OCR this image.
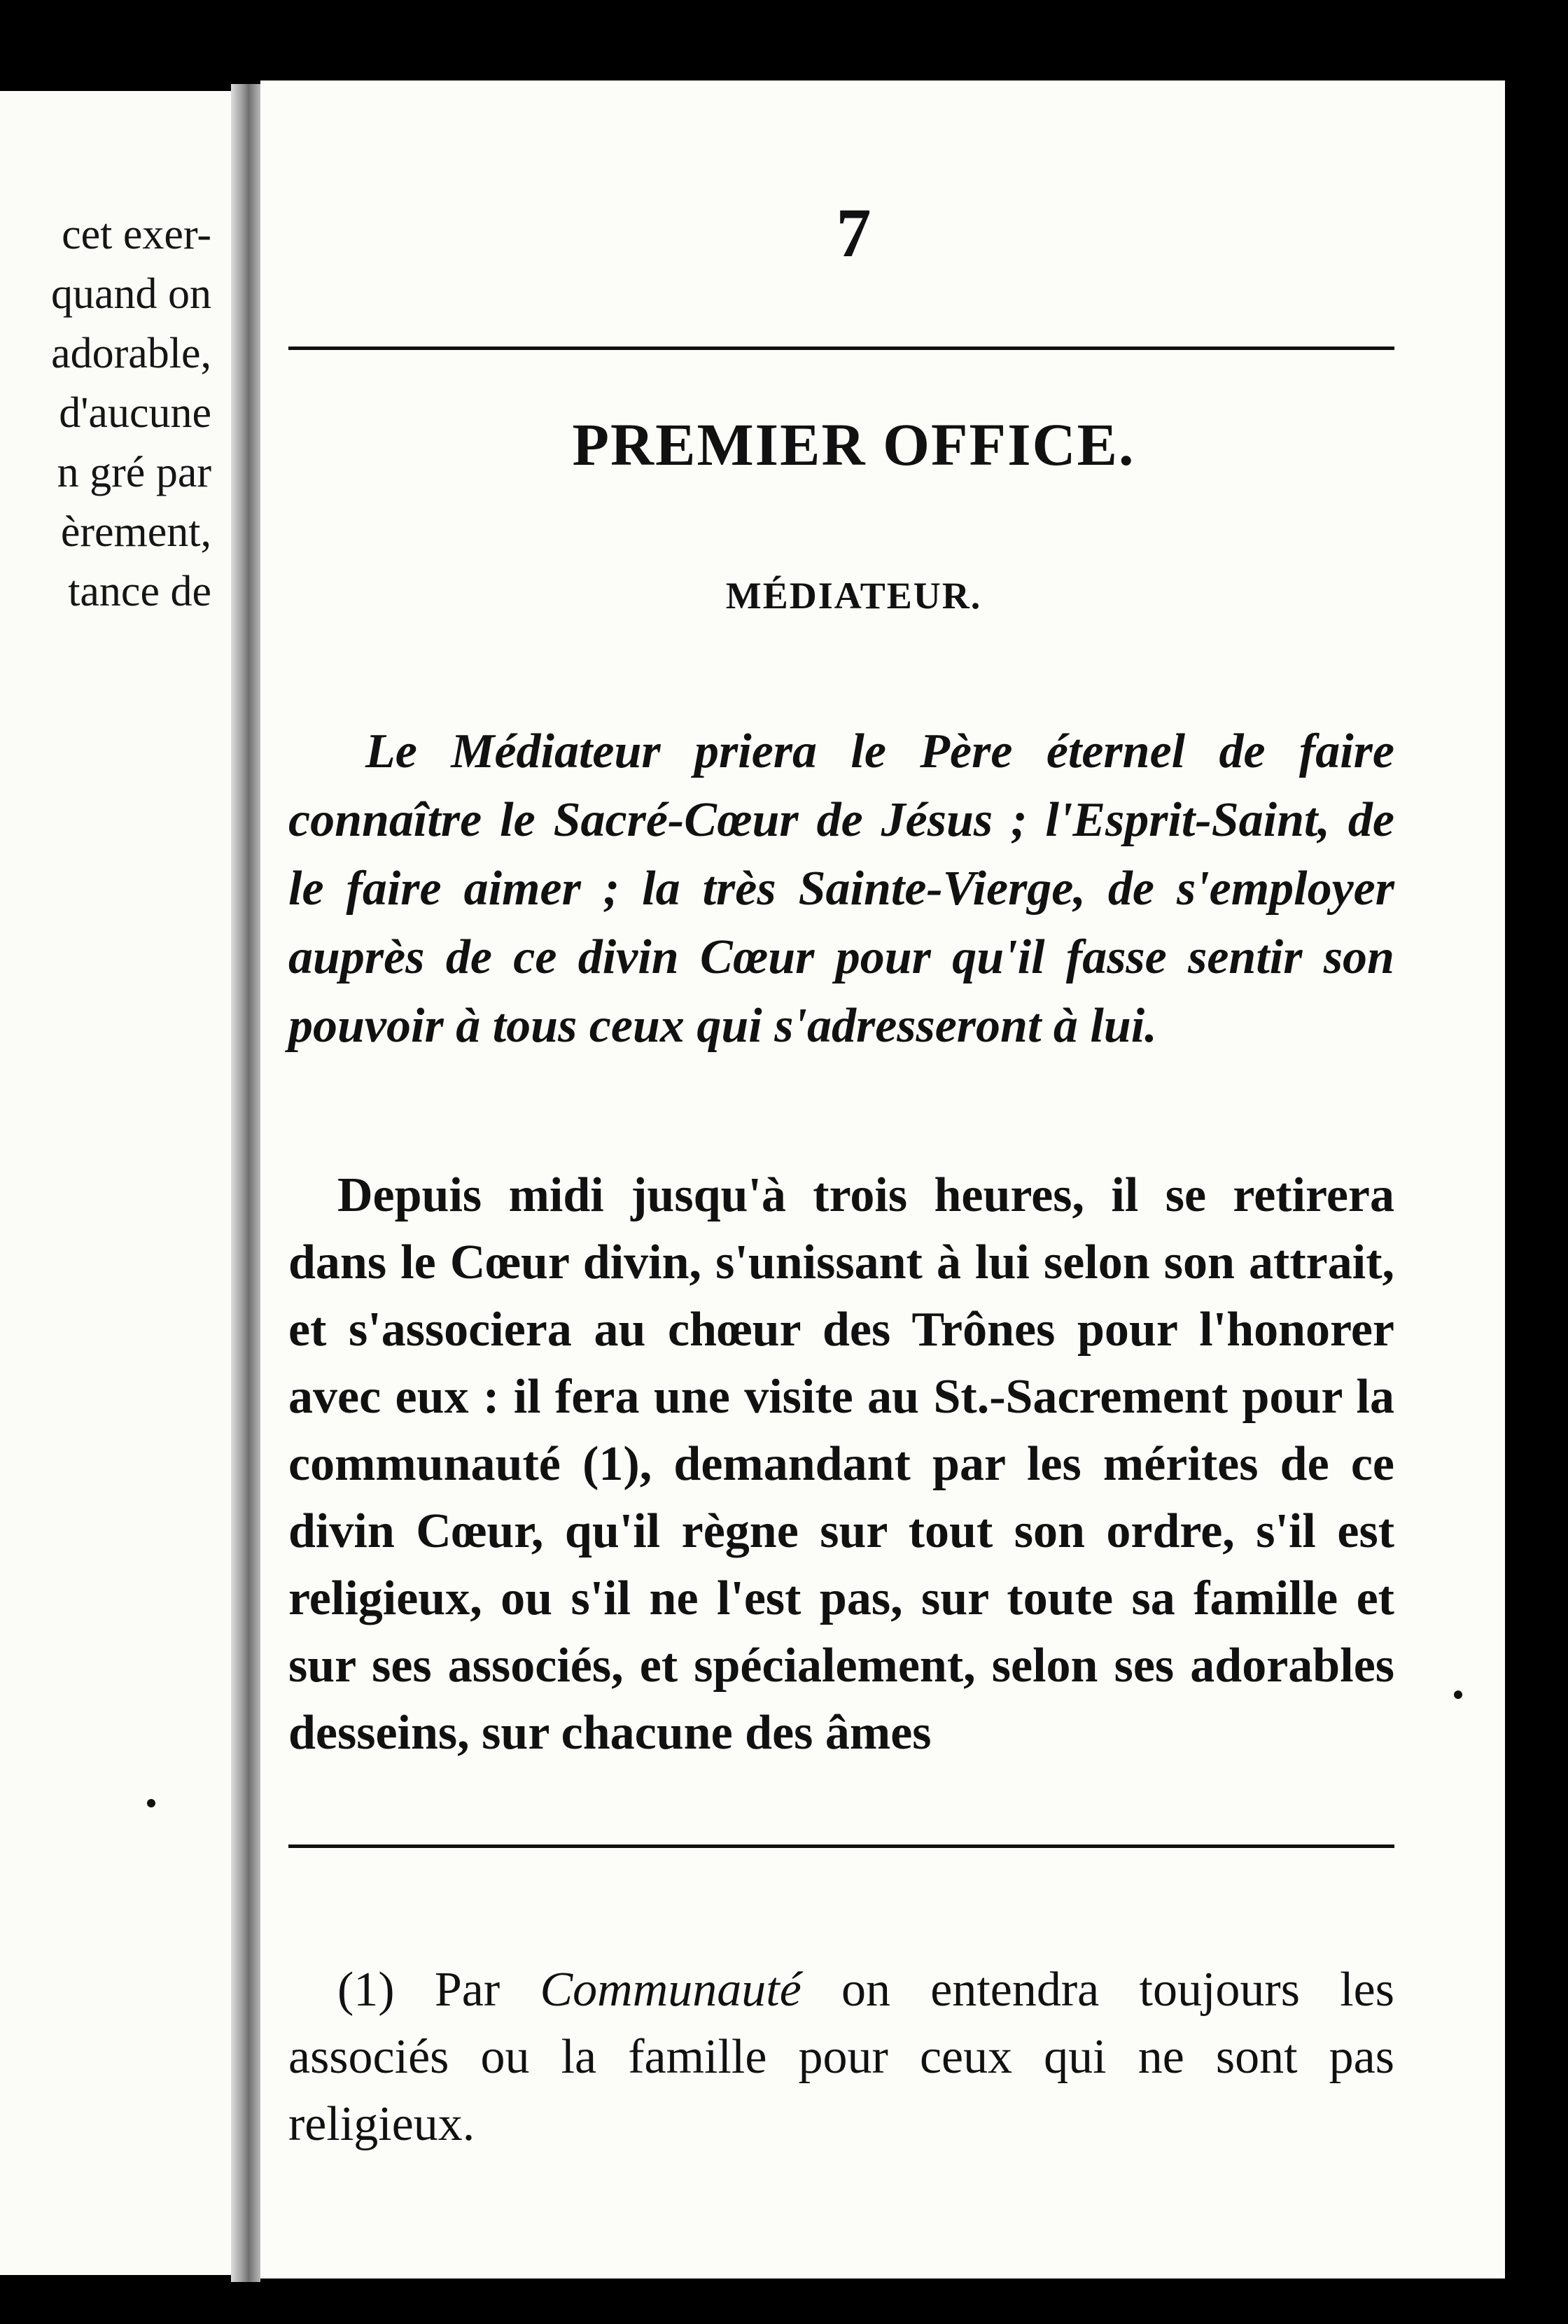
cet exer-
quand on
adorable,
d'aucune
n gré par
èrement,
tance de
7
PREMIER OFFICE.
MÉDIATEUR.

Le Médiateur priera le Père éternel de faire connaître le Sacré-Cœur de Jésus ; l'Esprit-Saint, de le faire aimer ; la très Sainte-Vierge, de s'employer auprès de ce divin Cœur pour qu'il fasse sentir son pouvoir à tous ceux qui s'adresseront à lui.

Depuis midi jusqu'à trois heures, il se retirera dans le Cœur divin, s'unissant à lui selon son attrait, et s'associera au chœur des Trônes pour l'honorer avec eux : il fera une visite au St.-Sacrement pour la communauté (1), demandant par les mérites de ce divin Cœur, qu'il règne sur tout son ordre, s'il est religieux, ou s'il ne l'est pas, sur toute sa famille et sur ses associés, et spécialement, selon ses adorables desseins, sur chacune des âmes

(1) Par Communauté on entendra toujours les associés ou la famille pour ceux qui ne sont pas religieux.
